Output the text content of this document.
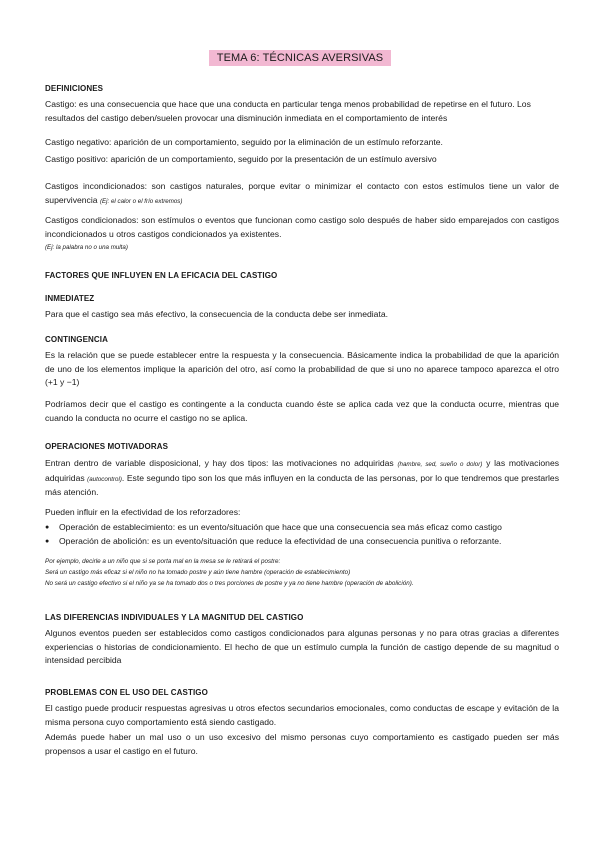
TEMA 6: TÉCNICAS AVERSIVAS
DEFINICIONES
Castigo: es una consecuencia que hace que una conducta en particular tenga menos probabilidad de repetirse en el futuro. Los resultados del castigo deben/suelen provocar una disminución inmediata en el comportamiento de interés
Castigo negativo: aparición de un comportamiento, seguido por la eliminación de un estímulo reforzante.
Castigo positivo: aparición de un comportamiento, seguido por la presentación de un estímulo aversivo
Castigos incondicionados: son castigos naturales, porque evitar o minimizar el contacto con estos estímulos tiene un valor de supervivencia (Ej: el calor o el frío extremos)
Castigos condicionados: son estímulos o eventos que funcionan como castigo solo después de haber sido emparejados con castigos incondicionados u otros castigos condicionados ya existentes.
(Ej: la palabra no o una multa)
FACTORES QUE INFLUYEN EN LA EFICACIA DEL CASTIGO
INMEDIATEZ
Para que el castigo sea más efectivo, la consecuencia de la conducta debe ser inmediata.
CONTINGENCIA
Es la relación que se puede establecer entre la respuesta y la consecuencia. Básicamente indica la probabilidad de que la aparición de uno de los elementos implique la aparición del otro, así como la probabilidad de que si uno no aparece tampoco aparezca el otro (+1 y −1)
Podríamos decir que el castigo es contingente a la conducta cuando éste se aplica cada vez que la conducta ocurre, mientras que cuando la conducta no ocurre el castigo no se aplica.
OPERACIONES MOTIVADORAS
Entran dentro de variable disposicional, y hay dos tipos: las motivaciones no adquiridas (hambre, sed, sueño o dolor) y las motivaciones adquiridas (autocontrol). Este segundo tipo son los que más influyen en la conducta de las personas, por lo que tendremos que prestarles más atención.
Pueden influir en la efectividad de los reforzadores:
● Operación de establecimiento: es un evento/situación que hace que una consecuencia sea más eficaz como castigo
● Operación de abolición: es un evento/situación que reduce la efectividad de una consecuencia punitiva o reforzante.
Por ejemplo, decirle a un niño que si se porta mal en la mesa se le retirará el postre:
Será un castigo más eficaz si el niño no ha tomado postre y aún tiene hambre (operación de establecimiento)
No será un castigo efectivo si el niño ya se ha tomado dos o tres porciones de postre y ya no tiene hambre (operación de abolición).
LAS DIFERENCIAS INDIVIDUALES Y LA MAGNITUD DEL CASTIGO
Algunos eventos pueden ser establecidos como castigos condicionados para algunas personas y no para otras gracias a diferentes experiencias o historias de condicionamiento. El hecho de que un estímulo cumpla la función de castigo depende de su magnitud o intensidad percibida
PROBLEMAS CON EL USO DEL CASTIGO
El castigo puede producir respuestas agresivas u otros efectos secundarios emocionales, como conductas de escape y evitación de la misma persona cuyo comportamiento está siendo castigado.
Además puede haber un mal uso o un uso excesivo del mismo personas cuyo comportamiento es castigado pueden ser más propensos a usar el castigo en el futuro.
